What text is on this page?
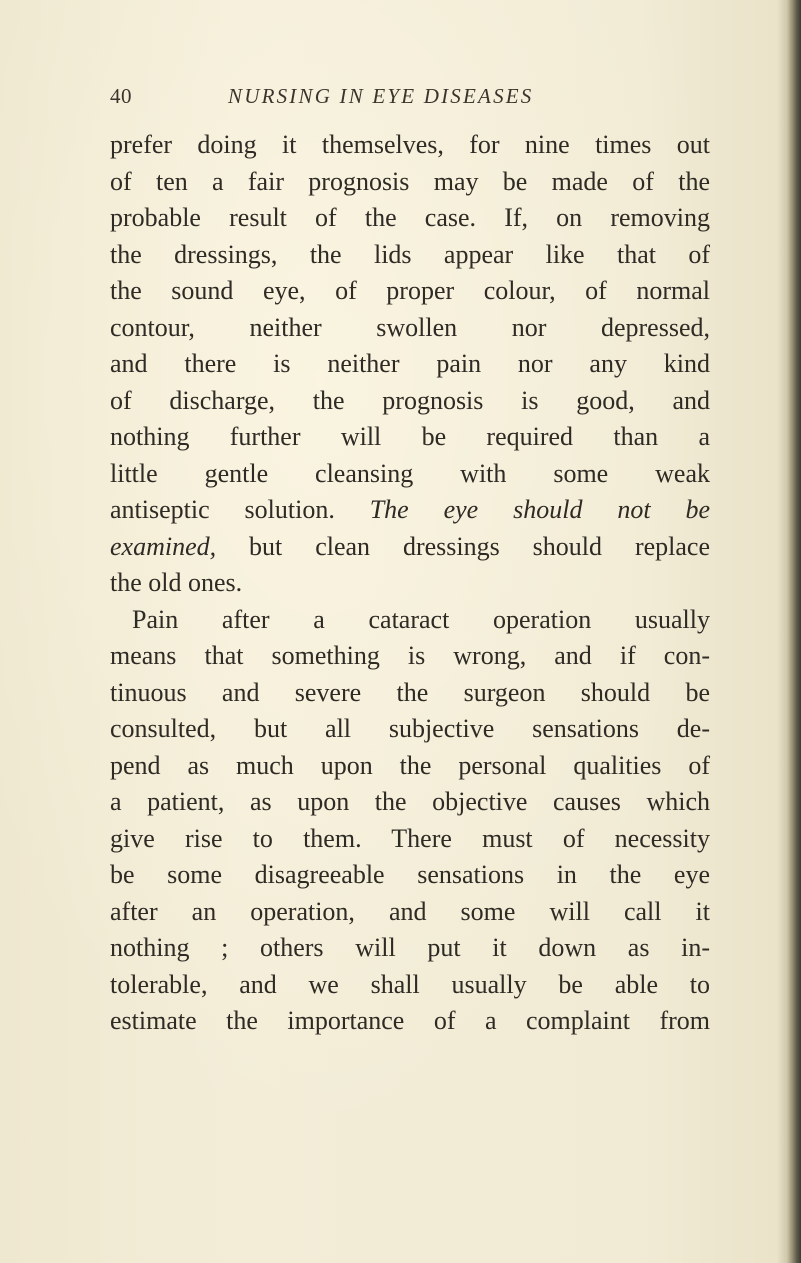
40	NURSING IN EYE DISEASES
prefer doing it themselves, for nine times out
of ten a fair prognosis may be made of the
probable result of the case. If, on removing
the dressings, the lids appear like that of
the sound eye, of proper colour, of normal
contour, neither swollen nor depressed,
and there is neither pain nor any kind
of discharge, the prognosis is good, and
nothing further will be required than a
little gentle cleansing with some weak
antiseptic solution. The eye should not be
examined, but clean dressings should replace
the old ones.
Pain after a cataract operation usually
means that something is wrong, and if con-
tinuous and severe the surgeon should be
consulted, but all subjective sensations de-
pend as much upon the personal qualities of
a patient, as upon the objective causes which
give rise to them. There must of necessity
be some disagreeable sensations in the eye
after an operation, and some will call it
nothing ; others will put it down as in-
tolerable, and we shall usually be able to
estimate the importance of a complaint from
